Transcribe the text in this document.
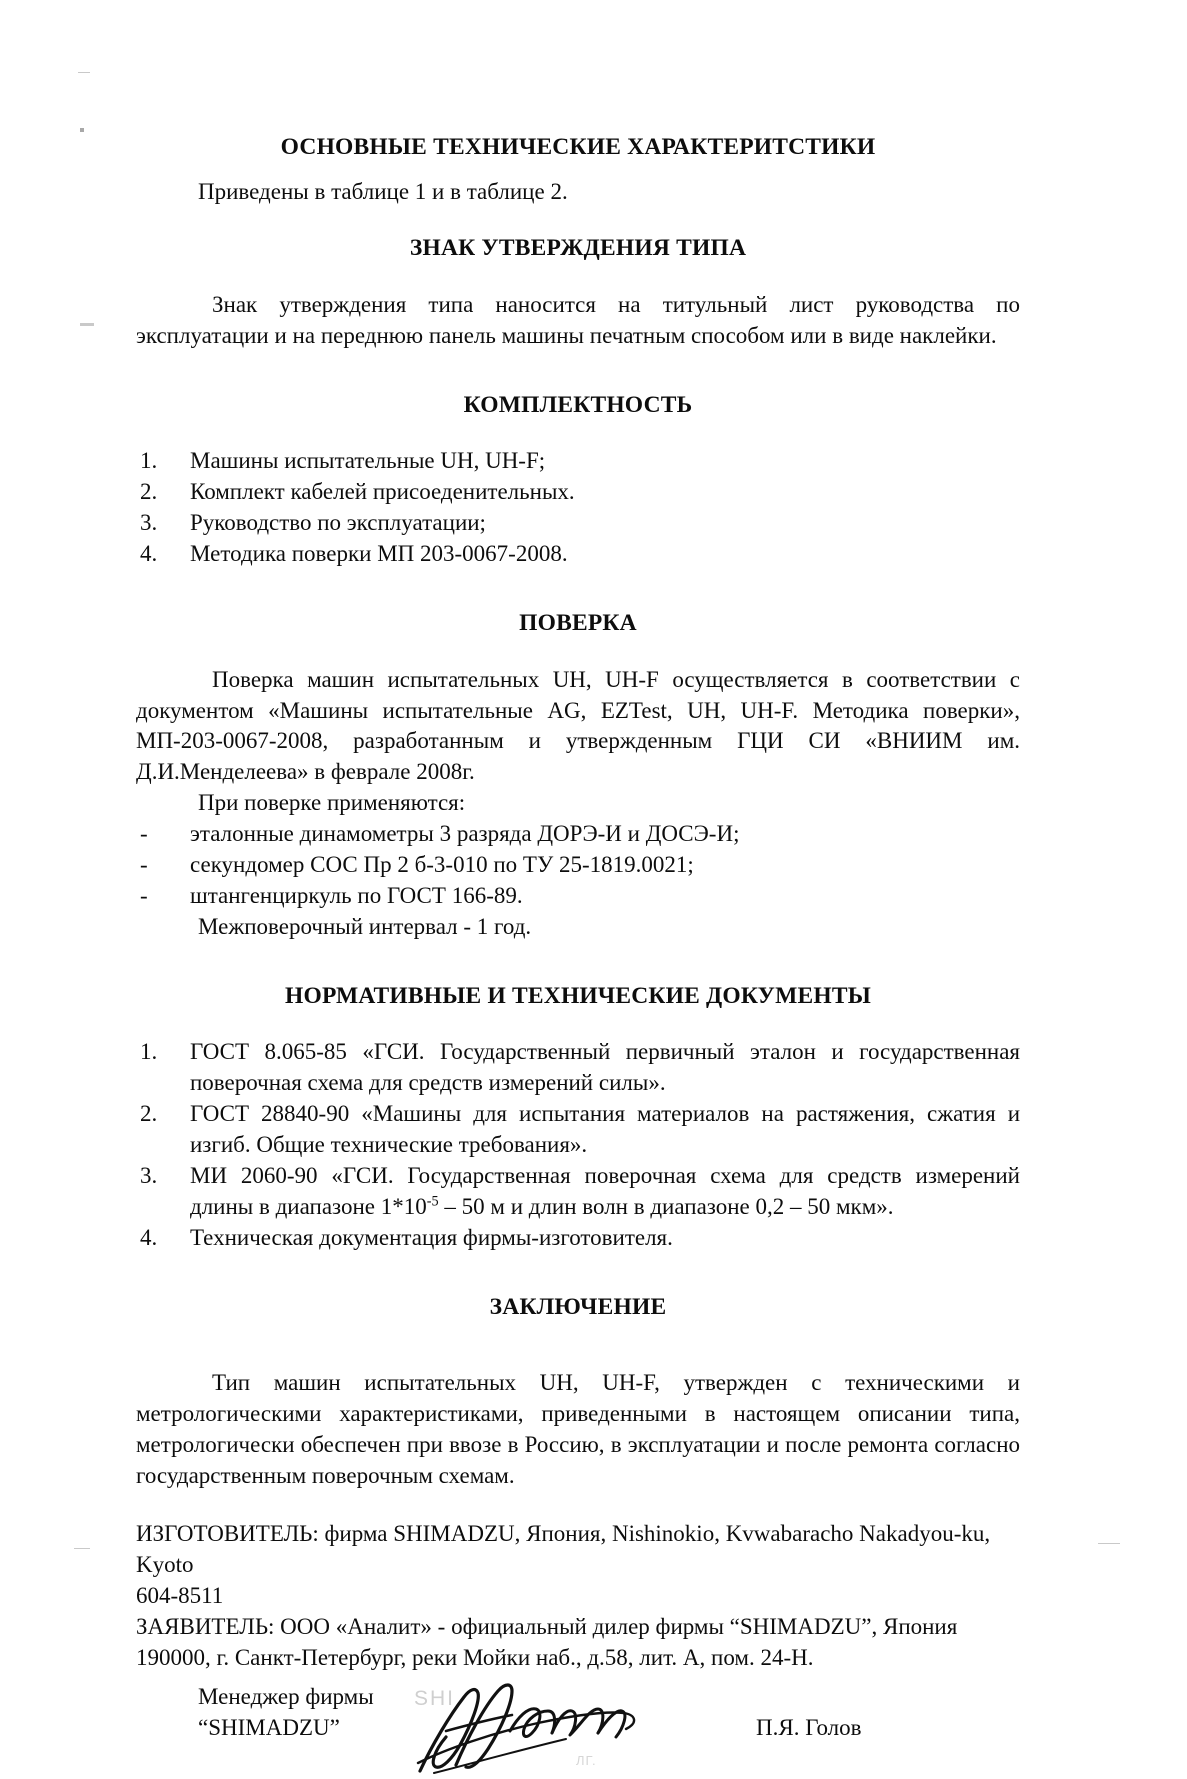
ОСНОВНЫЕ ТЕХНИЧЕСКИЕ ХАРАКТЕРИТСТИКИ

Приведены в таблице 1 и в таблице 2.

ЗНАК УТВЕРЖДЕНИЯ ТИПА

Знак утверждения типа наносится на титульный лист руководства по эксплуатации и на переднюю панель машины печатным способом или в виде наклейки.

КОМПЛЕКТНОСТЬ
1.	Машины испытательные UH, UH-F;
2.	Комплект кабелей присоеденительных.
3.	Руководство по эксплуатации;
4.	Методика поверки МП 203-0067-2008.
ПОВЕРКА

Поверка машин испытательных UH, UH-F осуществляется в соответствии с документом «Машины испытательные AG, EZTest, UH, UH-F. Методика поверки», МП-203-0067-2008, разработанным и утвержденным ГЦИ СИ «ВНИИМ им. Д.И.Менделеева» в феврале 2008г.

При поверке применяются:
- эталонные динамометры 3 разряда ДОРЭ-И и ДОСЭ-И;
- секундомер СОС Пр 2 б-3-010 по ТУ 25-1819.0021;
- штангенциркуль по ГОСТ 166-89.
Межповерочный интервал - 1 год.
НОРМАТИВНЫЕ И ТЕХНИЧЕСКИЕ ДОКУМЕНТЫ
1.	ГОСТ 8.065-85 «ГСИ. Государственный первичный эталон и государственная поверочная схема для средств измерений силы».
2.	ГОСТ 28840-90 «Машины для испытания материалов на растяжения, сжатия и изгиб. Общие технические требования».
3.	МИ 2060-90 «ГСИ. Государственная поверочная схема для средств измерений длины в диапазоне $1*10^{-5} - 50$ м и длин волн в диапазоне 0,2 – 50 мкм».
4.	Техническая документация фирмы-изготовителя.
ЗАКЛЮЧЕНИЕ

Тип машин испытательных UH, UH-F, утвержден с техническими и метрологическими характеристиками, приведенными в настоящем описании типа, метрологически обеспечен при ввозе в Россию, в эксплуатации и после ремонта согласно государственным поверочным схемам.

ИЗГОТОВИТЕЛЬ: фирма SHIMADZU, Япония, Nishinokio, Kvwabaracho Nakadyou-ku, Kyoto
604-8511
ЗАЯВИТЕЛЬ: ООО «Аналит» - официальный дилер фирмы “SHIMADZU”, Япония
190000, г. Санкт-Петербург, реки Мойки наб., д.58, лит. А, пом. 24-Н.
Менеджер фирмы
“SHIMADZU”
SHI
ЛГ.
П.Я. Голов
